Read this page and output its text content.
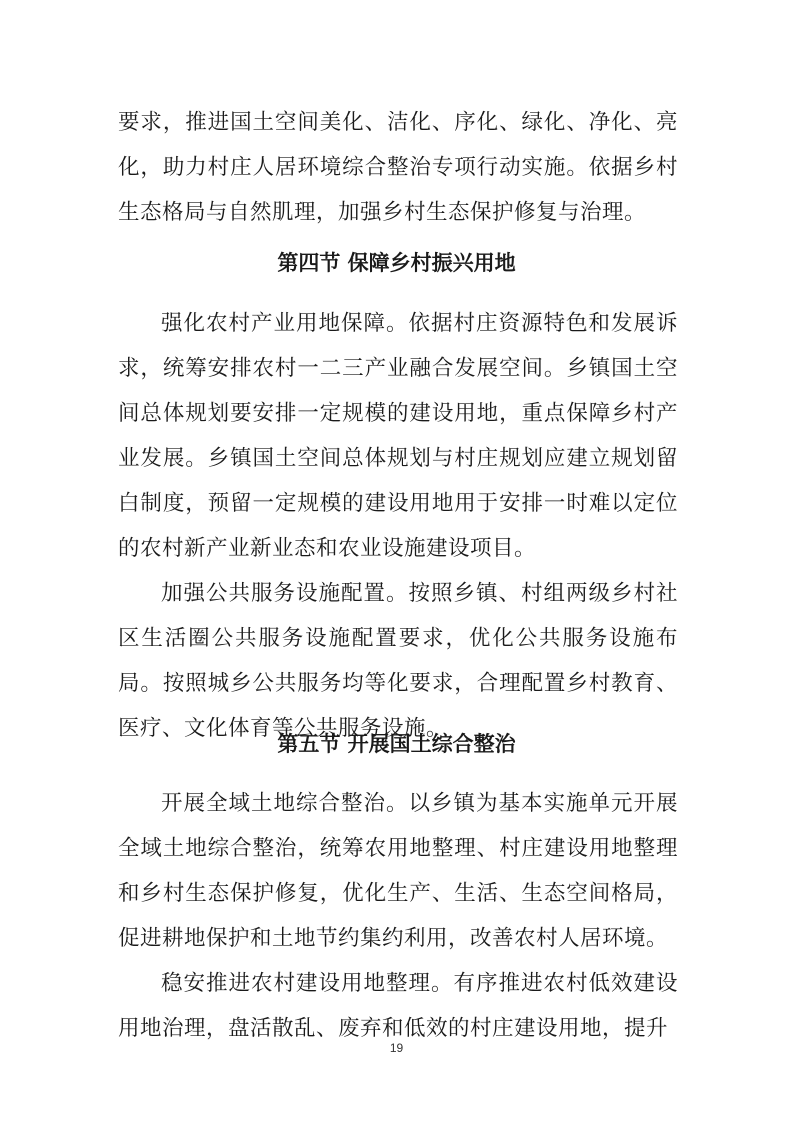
要求，推进国土空间美化、洁化、序化、绿化、净化、亮化，助力村庄人居环境综合整治专项行动实施。依据乡村生态格局与自然肌理，加强乡村生态保护修复与治理。

第四节 保障乡村振兴用地

强化农村产业用地保障。依据村庄资源特色和发展诉求，统筹安排农村一二三产业融合发展空间。乡镇国土空间总体规划要安排一定规模的建设用地，重点保障乡村产业发展。乡镇国土空间总体规划与村庄规划应建立规划留白制度，预留一定规模的建设用地用于安排一时难以定位的农村新产业新业态和农业设施建设项目。

加强公共服务设施配置。按照乡镇、村组两级乡村社区生活圈公共服务设施配置要求，优化公共服务设施布局。按照城乡公共服务均等化要求，合理配置乡村教育、医疗、文化体育等公共服务设施。

第五节 开展国土综合整治

开展全域土地综合整治。以乡镇为基本实施单元开展全域土地综合整治，统筹农用地整理、村庄建设用地整理和乡村生态保护修复，优化生产、生活、生态空间格局，促进耕地保护和土地节约集约利用，改善农村人居环境。

稳安推进农村建设用地整理。有序推进农村低效建设用地治理，盘活散乱、废弃和低效的村庄建设用地，提升

19
